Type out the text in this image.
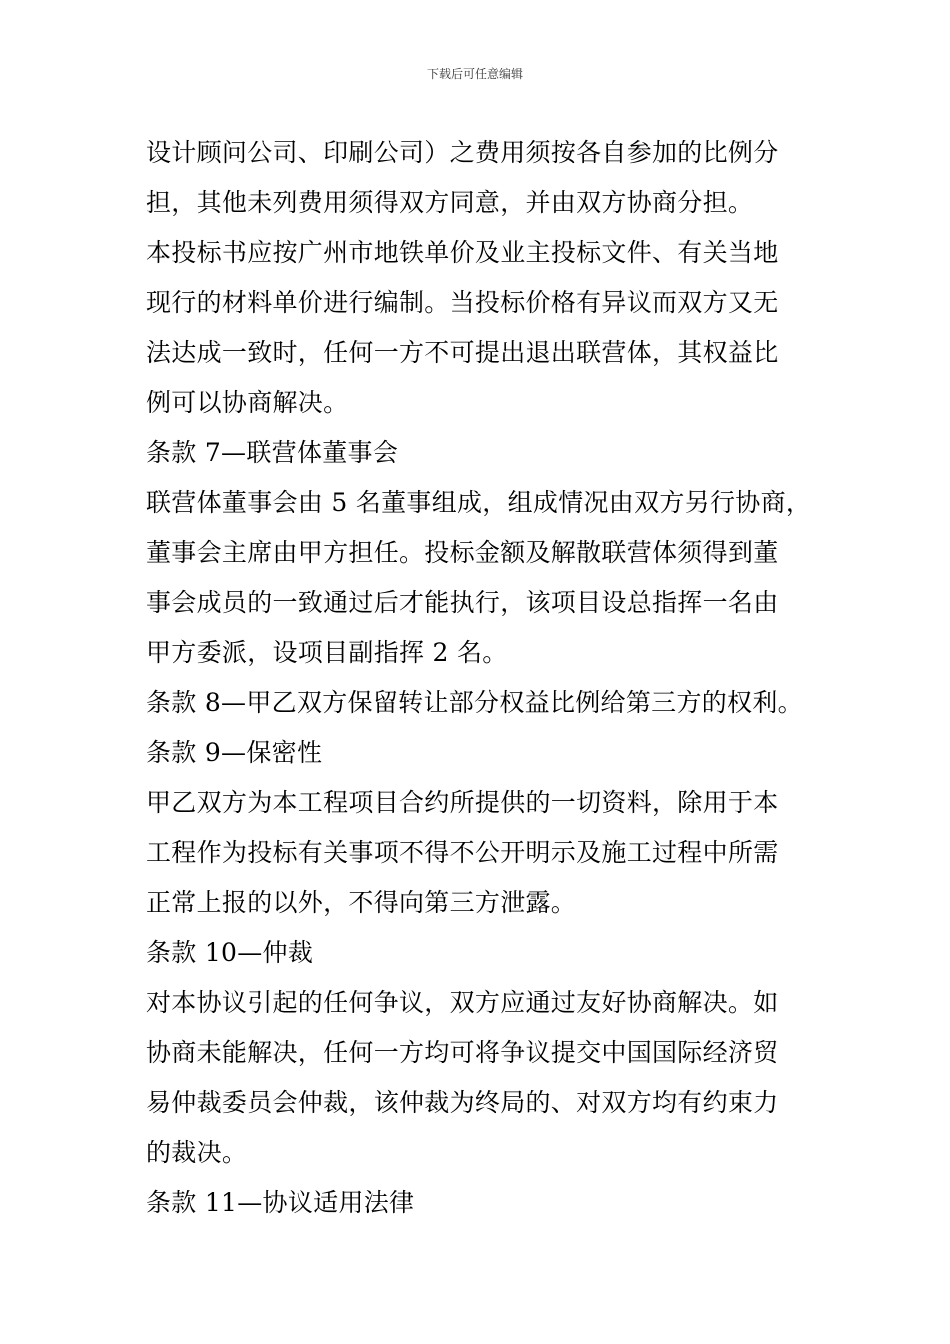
下载后可任意编辑
设计顾问公司、印刷公司）之费用须按各自参加的比例分
担，其他未列费用须得双方同意，并由双方协商分担。
本投标书应按广州市地铁单价及业主投标文件、有关当地
现行的材料单价进行编制。当投标价格有异议而双方又无
法达成一致时，任何一方不可提出退出联营体，其权益比
例可以协商解决。
条款 7—联营体董事会
联营体董事会由 5 名董事组成，组成情况由双方另行协商，
董事会主席由甲方担任。投标金额及解散联营体须得到董
事会成员的一致通过后才能执行，该项目设总指挥一名由
甲方委派，设项目副指挥 2 名。
条款 8—甲乙双方保留转让部分权益比例给第三方的权利。
条款 9—保密性
甲乙双方为本工程项目合约所提供的一切资料，除用于本
工程作为投标有关事项不得不公开明示及施工过程中所需
正常上报的以外，不得向第三方泄露。
条款 10—仲裁
对本协议引起的任何争议，双方应通过友好协商解决。如
协商未能解决，任何一方均可将争议提交中国国际经济贸
易仲裁委员会仲裁，该仲裁为终局的、对双方均有约束力
的裁决。
条款 11—协议适用法律
